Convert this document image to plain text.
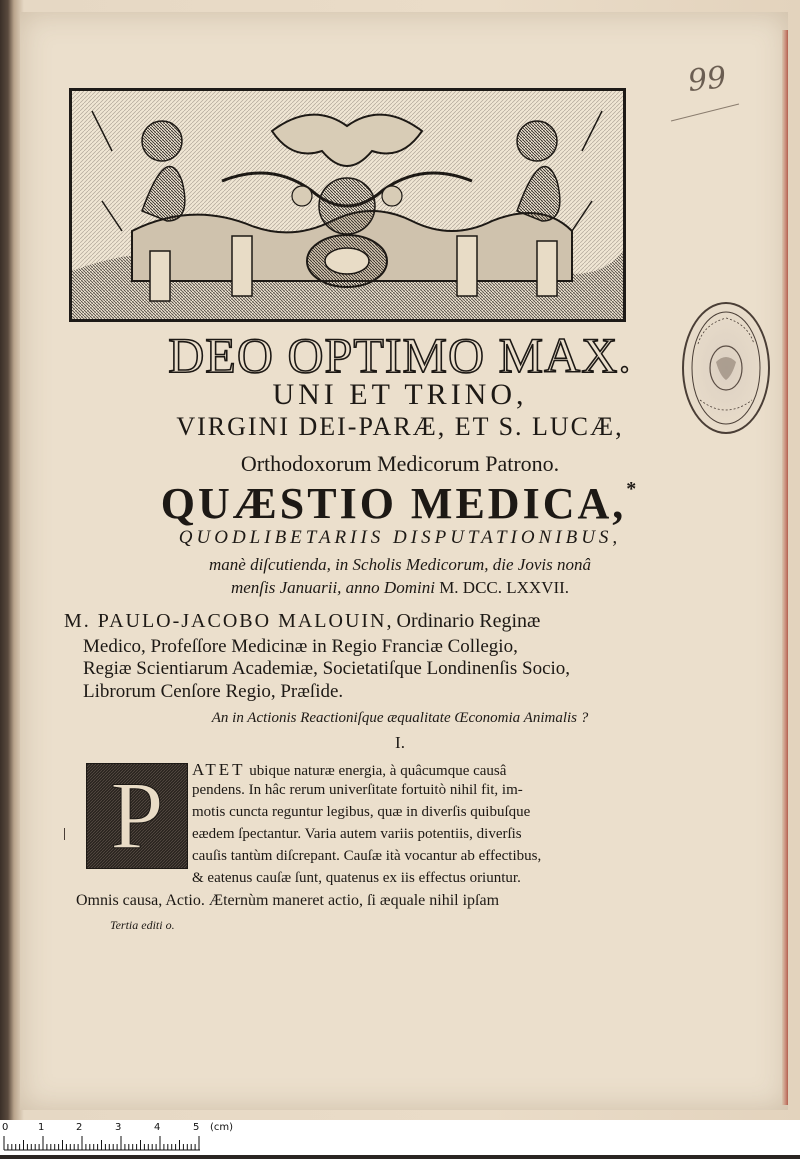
99
DEO OPTIMO MAX.
UNI ET TRINO,
VIRGINI DEI-PARÆ, ET S. LUCÆ,
Orthodoxorum Medicorum Patrono.
QUÆSTIO MEDICA,*
QUODLIBETARIIS DISPUTATIONIBUS,
manè diſcutienda, in Scholis Medicorum, die Jovis nonâ
menſis Januarii, anno Domini M. DCC. LXXVII.
M. PAULO-JACOBO MALOUIN, Ordinario Reginæ
Medico, Profeſſore Medicinæ in Regio Franciæ Collegio,
Regiæ Scientiarum Academiæ, Societatiſque Londinenſis Socio,
Librorum Cenſore Regio, Præſide.
An in Actionis Reactioniſque æqualitate Œconomia Animalis ?
I.
P	ATET ubique naturæ energia, à quâcumque causâ
pendens. In hâc rerum univerſitate fortuitò nihil fit, im-
motis cuncta reguntur legibus, quæ in diverſis quibuſque
eædem ſpectantur. Varia autem variis potentiis, diverſis
cauſis tantùm diſcrepant. Cauſæ ità vocantur ab effectibus,
& eatenus cauſæ ſunt, quatenus ex iis effectus oriuntur.
Omnis causa, Actio. Æternùm maneret actio, ſi æquale nihil ipſam
Tertia editi o.
0	1	2	3	4	5 (cm)
